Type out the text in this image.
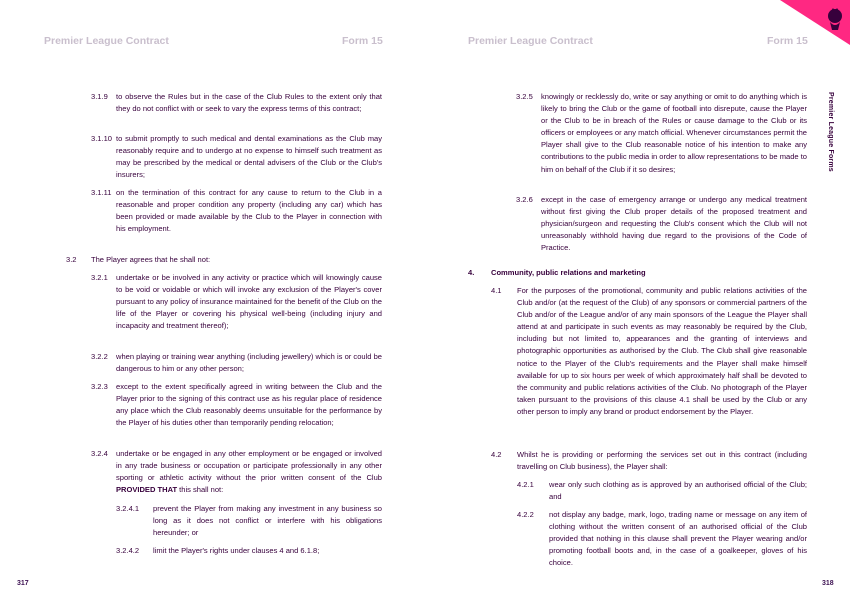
Premier League Contract	Form 15
3.1.9 to observe the Rules but in the case of the Club Rules to the extent only that they do not conflict with or seek to vary the express terms of this contract;

3.1.10 to submit promptly to such medical and dental examinations as the Club may reasonably require and to undergo at no expense to himself such treatment as may be prescribed by the medical or dental advisers of the Club or the Club's insurers;

3.1.11 on the termination of this contract for any cause to return to the Club in a reasonable and proper condition any property (including any car) which has been provided or made available by the Club to the Player in connection with his employment.

3.2 The Player agrees that he shall not:

3.2.1 undertake or be involved in any activity or practice which will knowingly cause to be void or voidable or which will invoke any exclusion of the Player's cover pursuant to any policy of insurance maintained for the benefit of the Club on the life of the Player or covering his physical well-being (including injury and incapacity and treatment thereof);

3.2.2 when playing or training wear anything (including jewellery) which is or could be dangerous to him or any other person;

3.2.3 except to the extent specifically agreed in writing between the Club and the Player prior to the signing of this contract use as his regular place of residence any place which the Club reasonably deems unsuitable for the performance by the Player of his duties other than temporarily pending relocation;

3.2.4 undertake or be engaged in any other employment or be engaged or involved in any trade business or occupation or participate professionally in any other sporting or athletic activity without the prior written consent of the Club PROVIDED THAT this shall not:

3.2.4.1 prevent the Player from making any investment in any business so long as it does not conflict or interfere with his obligations hereunder; or

3.2.4.2 limit the Player's rights under clauses 4 and 6.1.8;

317
Premier League Contract	Form 15
3.2.5 knowingly or recklessly do, write or say anything or omit to do anything which is likely to bring the Club or the game of football into disrepute, cause the Player or the Club to be in breach of the Rules or cause damage to the Club or its officers or employees or any match official. Whenever circumstances permit the Player shall give to the Club reasonable notice of his intention to make any contributions to the public media in order to allow representations to be made to him on behalf of the Club if it so desires;

3.2.6 except in the case of emergency arrange or undergo any medical treatment without first giving the Club proper details of the proposed treatment and physician/surgeon and requesting the Club's consent which the Club will not unreasonably withhold having due regard to the provisions of the Code of Practice.

4. Community, public relations and marketing

4.1 For the purposes of the promotional, community and public relations activities of the Club and/or (at the request of the Club) of any sponsors or commercial partners of the Club and/or of the League and/or of any main sponsors of the League the Player shall attend at and participate in such events as may reasonably be required by the Club, including but not limited to, appearances and the granting of interviews and photographic opportunities as authorised by the Club. The Club shall give reasonable notice to the Player of the Club's requirements and the Player shall make himself available for up to six hours per week of which approximately half shall be devoted to the community and public relations activities of the Club. No photograph of the Player taken pursuant to the provisions of this clause 4.1 shall be used by the Club or any other person to imply any brand or product endorsement by the Player.

4.2 Whilst he is providing or performing the services set out in this contract (including travelling on Club business), the Player shall:

4.2.1 wear only such clothing as is approved by an authorised official of the Club; and

4.2.2 not display any badge, mark, logo, trading name or message on any item of clothing without the written consent of an authorised official of the Club provided that nothing in this clause shall prevent the Player wearing and/or promoting football boots and, in the case of a goalkeeper, gloves of his choice.

318
Premier League Forms
